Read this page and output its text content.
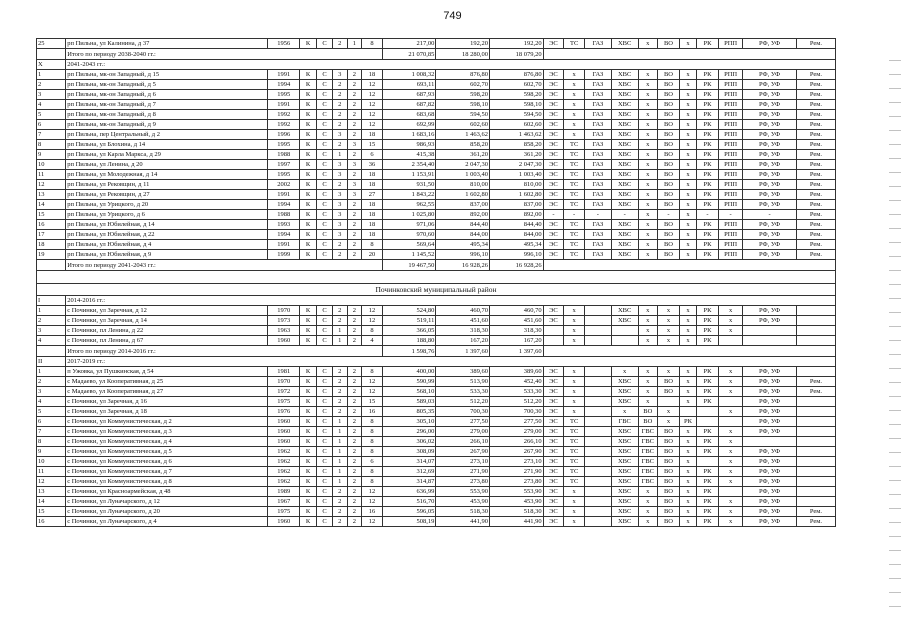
749
25	рп Пильна, ул Калинина, д 37	1956	К	С	2	1	8	217,00	192,20	192,20	ЭС	ТС	ГАЗ	ХВС	х	ВО	х	РК	РПП	РФ, УФ	Рем.
	Итого по периоду 2038-2040 гг.:							21 070,85	18 280,00	18 079,20											
X	2041-2043 гг.:																				
1	рп Пильна, мк-он Западный, д 15	1991	К	С	3	2	18	1 008,32	876,80	876,80	ЭС	х	ГАЗ	ХВС	х	ВО	х	РК	РПП	РФ, УФ	Рем.
2	рп Пильна, мк-он Западный, д 5	1994	К	С	2	2	12	693,11	602,70	602,70	ЭС	х	ГАЗ	ХВС	х	ВО	х	РК	РПП	РФ, УФ	Рем.
3	рп Пильна, мк-он Западный, д 6	1995	К	С	2	2	12	687,93	598,20	598,20	ЭС	х	ГАЗ	ХВС	х	ВО	х	РК	РПП	РФ, УФ	Рем.
4	рп Пильна, мк-он Западный, д 7	1991	К	С	2	2	12	687,82	598,10	598,10	ЭС	х	ГАЗ	ХВС	х	ВО	х	РК	РПП	РФ, УФ	Рем.
5	рп Пильна, мк-он Западный, д 8	1992	К	С	2	2	12	683,68	594,50	594,50	ЭС	х	ГАЗ	ХВС	х	ВО	х	РК	РПП	РФ, УФ	Рем.
6	рп Пильна, мк-он Западный, д 9	1992	К	С	2	2	12	692,99	602,60	602,60	ЭС	х	ГАЗ	ХВС	х	ВО	х	РК	РПП	РФ, УФ	Рем.
7	рп Пильна, пер Центральный, д 2	1996	К	С	3	2	18	1 683,16	1 463,62	1 463,62	ЭС	х	ГАЗ	ХВС	х	ВО	х	РК	РПП	РФ, УФ	Рем.
8	рп Пильна, ул Блохина, д 14	1995	К	С	2	3	15	986,93	858,20	858,20	ЭС	ТС	ГАЗ	ХВС	х	ВО	х	РК	РПП	РФ, УФ	Рем.
9	рп Пильна, ул Карла Маркса, д 29	1988	К	С	1	2	6	415,38	361,20	361,20	ЭС	ТС	ГАЗ	ХВС	х	ВО	х	РК	РПП	РФ, УФ	Рем.
10	рп Пильна, ул Ленина, д 20	1997	К	С	3	3	36	2 354,40	2 047,30	2 047,30	ЭС	ТС	ГАЗ	ХВС	х	ВО	х	РК	РПП	РФ, УФ	Рем.
11	рп Пильна, ул Молодежная, д 14	1995	К	С	3	2	18	1 153,91	1 003,40	1 003,40	ЭС	ТС	ГАЗ	ХВС	х	ВО	х	РК	РПП	РФ, УФ	Рем.
12	рп Пильна, ул Рековщин, д 11	2002	К	С	2	3	18	931,50	810,00	810,00	ЭС	ТС	ГАЗ	ХВС	х	ВО	х	РК	РПП	РФ, УФ	Рем.
13	рп Пильна, ул Рековщин, д 27	1991	К	С	3	3	27	1 843,22	1 602,80	1 602,80	ЭС	ТС	ГАЗ	ХВС	х	ВО	х	РК	РПП	РФ, УФ	Рем.
14	рп Пильна, ул Урицкого, д 20	1994	К	С	3	2	18	962,55	837,00	837,00	ЭС	ТС	ГАЗ	ХВС	х	ВО	х	РК	РПП	РФ, УФ	Рем.
15	рп Пильна, ул Урицкого, д 6	1988	К	С	3	2	18	1 025,80	892,00	892,00	-	-	-	-	х	-	х	-	-	-	Рем.
16	рп Пильна, ул Юбилейная, д 14	1993	К	С	3	2	18	971,06	844,40	844,40	ЭС	ТС	ГАЗ	ХВС	х	ВО	х	РК	РПП	РФ, УФ	Рем.
17	рп Пильна, ул Юбилейная, д 22	1994	К	С	3	2	18	970,60	844,00	844,00	ЭС	ТС	ГАЗ	ХВС	х	ВО	х	РК	РПП	РФ, УФ	Рем.
18	рп Пильна, ул Юбилейная, д 4	1991	К	С	2	2	8	569,64	495,34	495,34	ЭС	ТС	ГАЗ	ХВС	х	ВО	х	РК	РПП	РФ, УФ	Рем.
19	рп Пильна, ул Юбилейная, д 9	1999	К	С	2	2	20	1 145,52	996,10	996,10	ЭС	ТС	ГАЗ	ХВС	х	ВО	х	РК	РПП	РФ, УФ	Рем.
	Итого по периоду 2041-2043 гг.:							19 467,50	16 928,26	16 928,26											

Починковский муниципальный район																					
I	2014-2016 гг.:																				
1	с Починки, ул Заречная, д 12	1970	К	С	2	2	12	524,80	460,70	460,70	ЭС	х		ХВС	х	х	х	РК	х	РФ, УФ	
2	с Починки, ул Заречная, д 14	1973	К	С	2	2	12	519,11	451,60	451,60	ЭС	х		ХВС	х	х	х	РК	х	РФ, УФ	
3	с Починки, пл Ленина, д 22	1963	К	С	1	2	8	366,05	318,30	318,30		х			х	х	х	РК	х		
4	с Починки, пл Ленина, д 67	1960	К	С	1	2	4	188,80	167,20	167,20		х			х	х	х	РК			
	Итого по периоду 2014-2016 гг.:							1 598,76	1 397,60	1 397,60											
II	2017-2019 гг.:																				
1	п Ужовка, ул Пушкинская, д 54	1981	К	С	2	2	8	400,00	389,60	389,60	ЭС	х		х	х	х	х	РК	х	РФ, УФ	
2	с Мадаево, ул Кооперативная, д 25	1970	К	С	2	2	12	590,99	513,90	452,40	ЭС	х		ХВС	х	ВО	х	РК	х	РФ, УФ	Рем.
3	с Мадаево, ул Кооперативная, д 27	1972	К	С	2	2	12	568,10	533,30	533,30	ЭС	х		ХВС	х	ВО	х	РК	х	РФ, УФ	Рем.
4	с Починки, ул Заречная, д 16	1975	К	С	2	2	15	589,03	512,20	512,20	ЭС	х		ХВС	х		х	РК		РФ, УФ	
5	с Починки, ул Заречная, д 18	1976	К	С	2	2	16	805,35	700,30	700,30	ЭС	х		х	ВО	х			х	РФ, УФ	
6	с Починки, ул Коммунистическая, д 2	1960	К	С	1	2	8	305,10	277,50	277,50	ЭС	ТС		ГВС	ВО	х	РК			РФ, УФ	
7	с Починки, ул Коммунистическая, д 3	1960	К	С	1	2	8	296,00	279,00	279,00	ЭС	ТС		ХВС	ГВС	ВО	х	РК	х	РФ, УФ	
8	с Починки, ул Коммунистическая, д 4	1960	К	С	1	2	8	306,02	266,10	266,10	ЭС	ТС		ХВС	ГВС	ВО	х	РК	х		
9	с Починки, ул Коммунистическая, д 5	1962	К	С	1	2	8	308,09	267,90	267,90	ЭС	ТС		ХВС	ГВС	ВО	х	РК	х	РФ, УФ	
10	с Починки, ул Коммунистическая, д 6	1962	К	С	1	2	6	314,07	273,10	273,10	ЭС	ТС		ХВС	ГВС	ВО	х		х	РФ, УФ	
11	с Починки, ул Коммунистическая, д 7	1962	К	С	1	2	8	312,69	271,90	271,90	ЭС	ТС		ХВС	ГВС	ВО	х	РК	х	РФ, УФ	
12	с Починки, ул Коммунистическая, д 8	1962	К	С	1	2	8	314,87	273,80	273,80	ЭС	ТС		ХВС	ГВС	ВО	х	РК	х	РФ, УФ	
13	с Починки, ул Красноармейская, д 48	1989	К	С	2	2	12	636,99	553,90	553,90	ЭС	х		ХВС	х	ВО	х	РК		РФ, УФ	
14	с Починки, ул Луначарского, д 12	1967	К	С	2	2	12	516,70	453,90	453,90	ЭС	х		ХВС	х	ВО	х	РК	х	РФ, УФ	
15	с Починки, ул Луначарского, д 20	1975	К	С	2	2	16	596,05	518,30	518,30	ЭС	х		ХВС	х	ВО	х	РК	х	РФ, УФ	Рем.
16	с Починки, ул Луначарского, д 4	1960	К	С	2	2	12	508,19	441,90	441,90	ЭС	х		ХВС	х	ВО	х	РК	х	РФ, УФ	Рем.
